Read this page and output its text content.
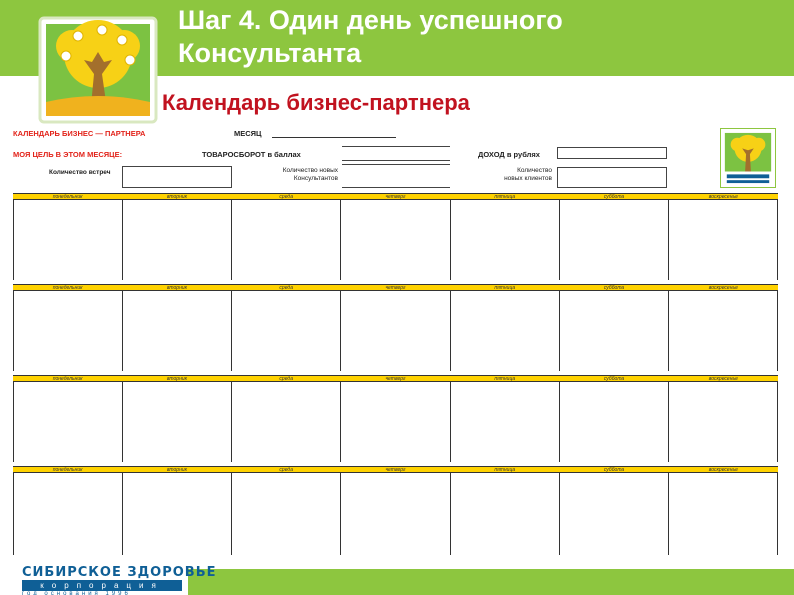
Шаг 4. Один день успешного
Консультанта
Календарь бизнес-партнера
КАЛЕНДАРЬ БИЗНЕС — ПАРТНЕРА	МЕСЯЦ
МОЯ ЦЕЛЬ В ЭТОМ МЕСЯЦЕ:	ТОВАРОСБОРОТ в баллах	ДОХОД в рублях
Количество встреч	Количество новых
Консультантов
Количество
новых клиентов
понедельник	вторник	среда	четверг	пятница	суббота	воскресенье
понедельник	вторник	среда	четверг	пятница	суббота	воскресенье
понедельник	вторник	среда	четверг	пятница	суббота	воскресенье
понедельник	вторник	среда	четверг	пятница	суббота	воскресенье
СИБИРСКОЕ ЗДОРОВЬЕ
корпорация
год основания 1996
